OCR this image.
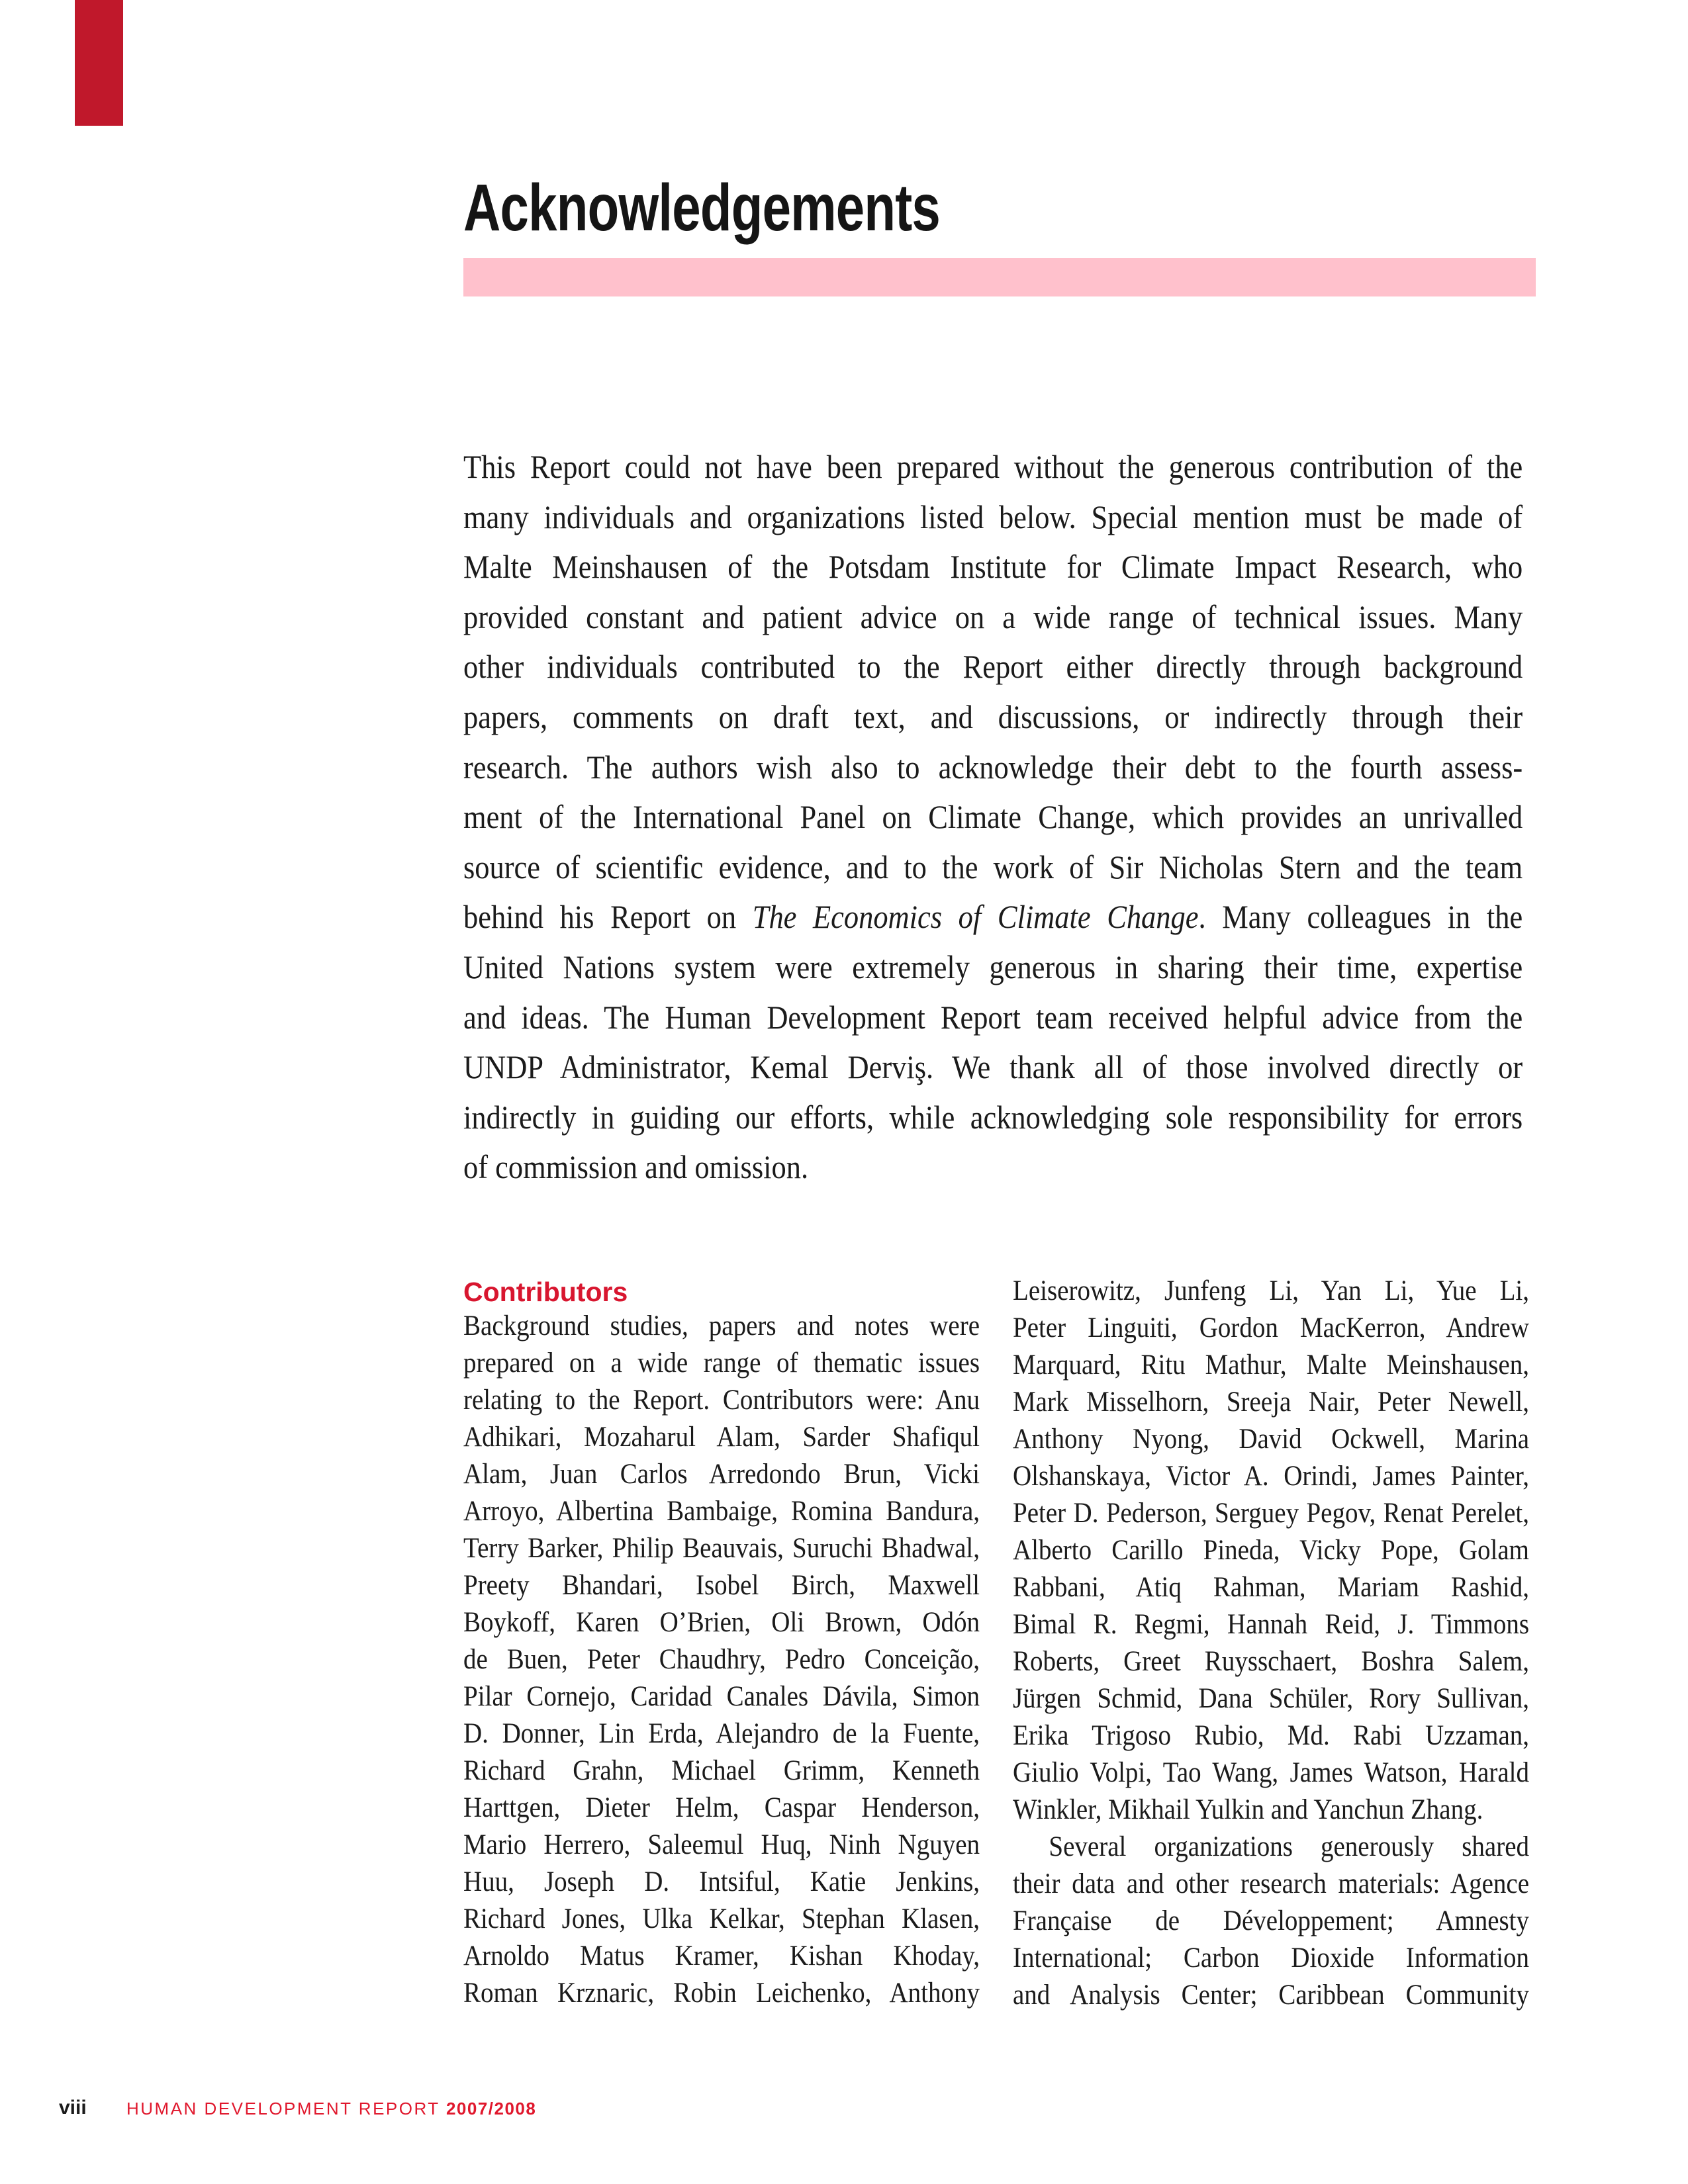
Acknowledgements
This Report could not have been prepared without the generous contribution of the
many individuals and organizations listed below. Special mention must be made of
Malte Meinshausen of the Potsdam Institute for Climate Impact Research, who
provided constant and patient advice on a wide range of technical issues. Many
other individuals contributed to the Report either directly through background
papers, comments on draft text, and discussions, or indirectly through their
research. The authors wish also to acknowledge their debt to the fourth assess-
ment of the International Panel on Climate Change, which provides an unrivalled
source of scientific evidence, and to the work of Sir Nicholas Stern and the team
behind his Report on The Economics of Climate Change. Many colleagues in the
United Nations system were extremely generous in sharing their time, expertise
and ideas. The Human Development Report team received helpful advice from the
UNDP Administrator, Kemal Derviş. We thank all of those involved directly or
indirectly in guiding our efforts, while acknowledging sole responsibility for errors
of commission and omission.
Contributors
Background studies, papers and notes were
prepared on a wide range of thematic issues
relating to the Report. Contributors were: Anu
Adhikari, Mozaharul Alam, Sarder Shafiqul
Alam, Juan Carlos Arredondo Brun, Vicki
Arroyo, Albertina Bambaige, Romina Bandura,
Terry Barker, Philip Beauvais, Suruchi Bhadwal,
Preety Bhandari, Isobel Birch, Maxwell
Boykoff, Karen O’Brien, Oli Brown, Odón
de Buen, Peter Chaudhry, Pedro Conceição,
Pilar Cornejo, Caridad Canales Dávila, Simon
D. Donner, Lin Erda, Alejandro de la Fuente,
Richard Grahn, Michael Grimm, Kenneth
Harttgen, Dieter Helm, Caspar Henderson,
Mario Herrero, Saleemul Huq, Ninh Nguyen
Huu, Joseph D. Intsiful, Katie Jenkins,
Richard Jones, Ulka Kelkar, Stephan Klasen,
Arnoldo Matus Kramer, Kishan Khoday,
Roman Krznaric, Robin Leichenko, Anthony
Leiserowitz, Junfeng Li, Yan Li, Yue Li,
Peter Linguiti, Gordon MacKerron, Andrew
Marquard, Ritu Mathur, Malte Meinshausen,
Mark Misselhorn, Sreeja Nair, Peter Newell,
Anthony Nyong, David Ockwell, Marina
Olshanskaya, Victor A. Orindi, James Painter,
Peter D. Pederson, Serguey Pegov, Renat Perelet,
Alberto Carillo Pineda, Vicky Pope, Golam
Rabbani, Atiq Rahman, Mariam Rashid,
Bimal R. Regmi, Hannah Reid, J. Timmons
Roberts, Greet Ruysschaert, Boshra Salem,
Jürgen Schmid, Dana Schüler, Rory Sullivan,
Erika Trigoso Rubio, Md. Rabi Uzzaman,
Giulio Volpi, Tao Wang, James Watson, Harald
Winkler, Mikhail Yulkin and Yanchun Zhang.
Several organizations generously shared
their data and other research materials: Agence
Française de Développement; Amnesty
International; Carbon Dioxide Information
and Analysis Center; Caribbean Community
viii HUMAN DEVELOPMENT REPORT 2007/2008
